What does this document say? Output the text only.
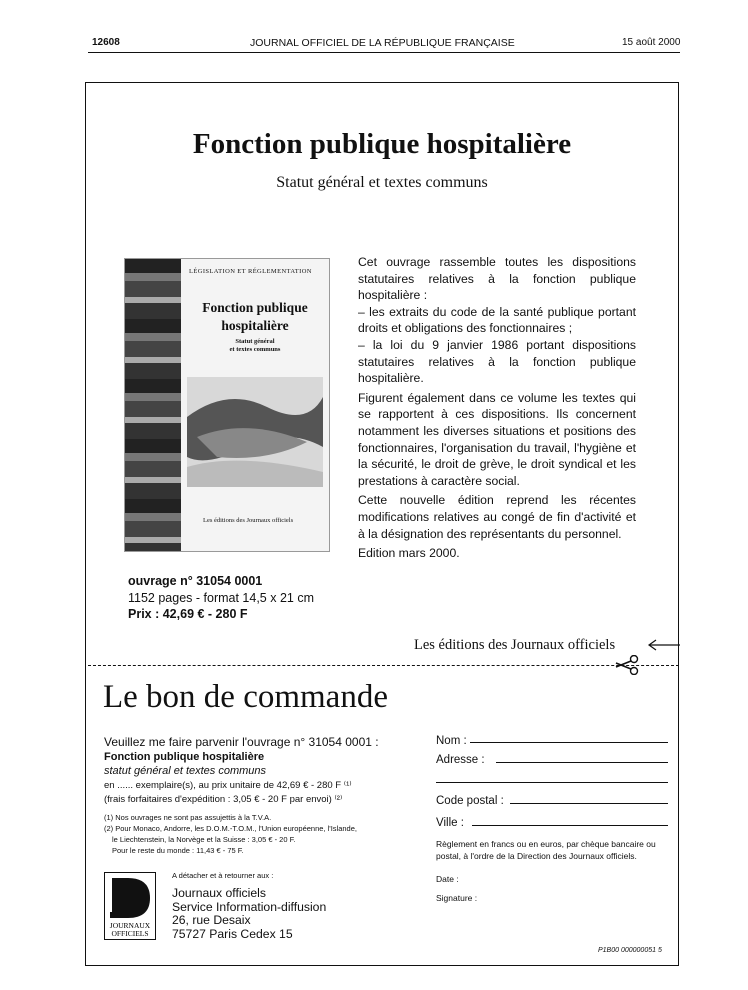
12608	JOURNAL OFFICIEL DE LA RÉPUBLIQUE FRANÇAISE	15 août 2000
Fonction publique hospitalière
Statut général et textes communs
LÉGISLATION ET RÉGLEMENTATION
Fonction publique
hospitalière
Statut général
et textes communs
Les éditions des Journaux officiels

Cet ouvrage rassemble toutes les dispositions statutaires relatives à la fonction publique hospitalière :

– les extraits du code de la santé publique portant droits et obligations des fonctionnaires ;

– la loi du 9 janvier 1986 portant dispositions statutaires relatives à la fonction publique hospitalière.

Figurent également dans ce volume les textes qui se rapportent à ces dispositions. Ils concernent notamment les diverses situations et positions des fonctionnaires, l'organisation du travail, l'hygiène et la sécurité, le droit de grève, le droit syndical et les prestations à caractère social.

Cette nouvelle édition reprend les récentes modifications relatives au congé de fin d'activité et à la désignation des représentants du personnel.

Edition mars 2000.

ouvrage n° 31054 0001
1152 pages - format 14,5 x 21 cm
Prix : 42,69 € - 280 F
Les éditions des Journaux officiels
Le bon de commande
Veuillez me faire parvenir l'ouvrage n° 31054 0001 :
Fonction publique hospitalière
statut général et textes communs
en ...... exemplaire(s), au prix unitaire de 42,69 € - 280 F ⁽¹⁾
(frais forfaitaires d'expédition : 3,05 € - 20 F par envoi) ⁽²⁾
(1) Nos ouvrages ne sont pas assujettis à la T.V.A.
(2) Pour Monaco, Andorre, les D.O.M.-T.O.M., l'Union européenne, l'Islande,
le Liechtenstein, la Norvège et la Suisse : 3,05 € - 20 F.
Pour le reste du monde : 11,43 € - 75 F.
JOURNAUX
OFFICIELS
A détacher et à retourner aux :
Journaux officiels
Service Information-diffusion
26, rue Desaix
75727 Paris Cedex 15
Nom :
Adresse :
Code postal :
Ville :
Règlement en francs ou en euros, par chèque bancaire ou postal, à l'ordre de la Direction des Journaux officiels.
Date :
Signature :
P1B00 000000051 5
